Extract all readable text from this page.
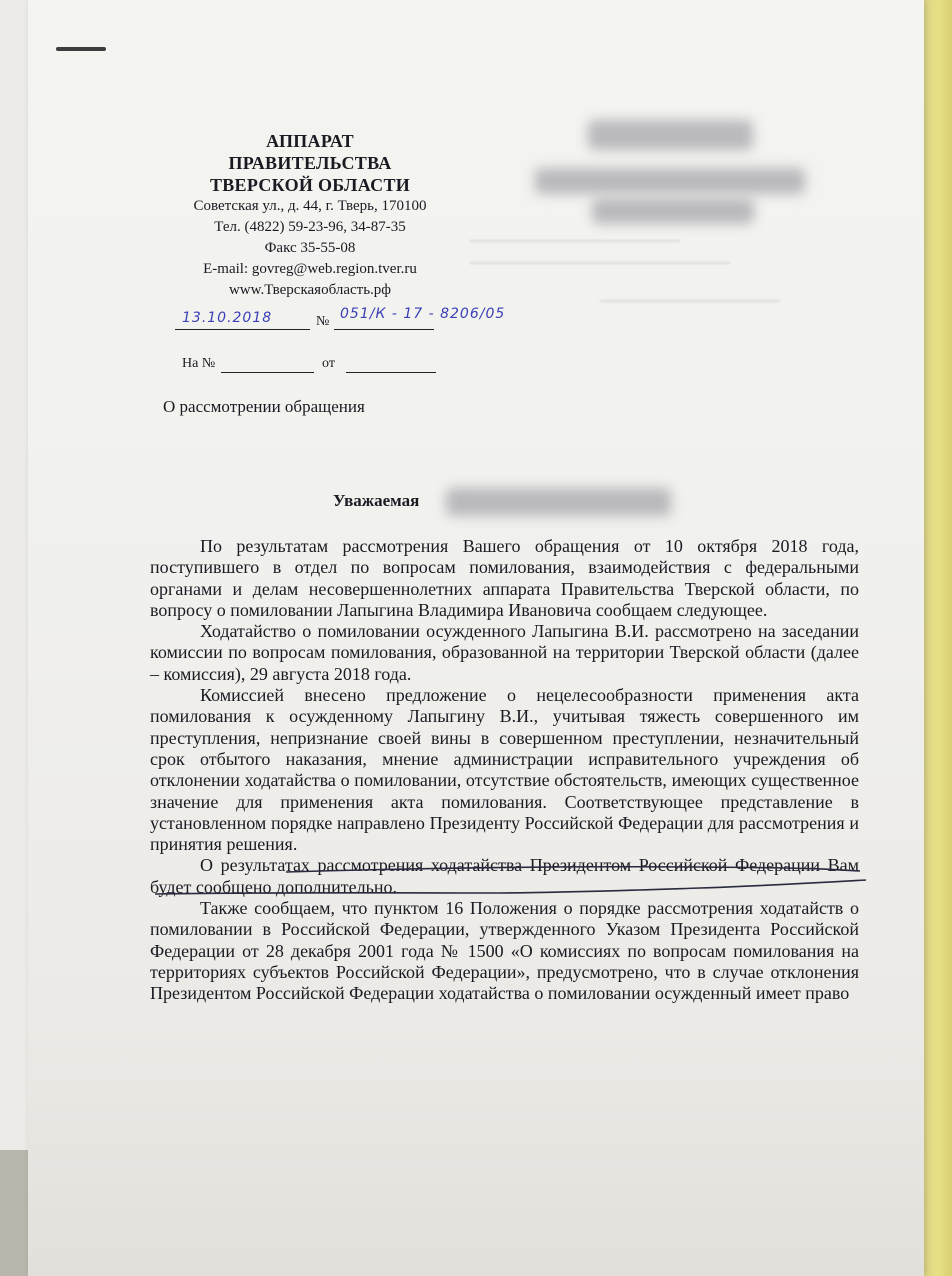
АППАРАТ
ПРАВИТЕЛЬСТВА
ТВЕРСКОЙ ОБЛАСТИ
Советская ул., д. 44, г. Тверь, 170100
Тел. (4822) 59-23-96, 34-87-35
Факс 35-55-08
E-mail: govreg@web.region.tver.ru
www.Тверскаяобласть.рф
13.10.2018	№ 051/К - 17 - 8206/05
На №	от
О рассмотрении обращения
Уважаемая

По результатам рассмотрения Вашего обращения от 10 октября 2018 года, поступившего в отдел по вопросам помилования, взаимодействия с федеральными органами и делам несовершеннолетних аппарата Правительства Тверской области, по вопросу о помиловании Лапыгина Владимира Ивановича сообщаем следующее.

Ходатайство о помиловании осужденного Лапыгина В.И. рассмотрено на заседании комиссии по вопросам помилования, образованной на территории Тверской области (далее – комиссия), 29 августа 2018 года.

Комиссией внесено предложение о нецелесообразности применения акта помилования к осужденному Лапыгину В.И., учитывая тяжесть совершенного им преступления, непризнание своей вины в совершенном преступлении, незначительный срок отбытого наказания, мнение администрации исправительного учреждения об отклонении ходатайства о помиловании, отсутствие обстоятельств, имеющих существенное значение для применения акта помилования. Соответствующее представление в установленном порядке направлено Президенту Российской Федерации для рассмотрения и принятия решения.

О результатах рассмотрения ходатайства Президентом Российской Федерации Вам будет сообщено дополнительно.

Также сообщаем, что пунктом 16 Положения о порядке рассмотрения ходатайств о помиловании в Российской Федерации, утвержденного Указом Президента Российской Федерации от 28 декабря 2001 года № 1500 «О комиссиях по вопросам помилования на территориях субъектов Российской Федерации», предусмотрено, что в случае отклонения Президентом Российской Федерации ходатайства о помиловании осужденный имеет право
